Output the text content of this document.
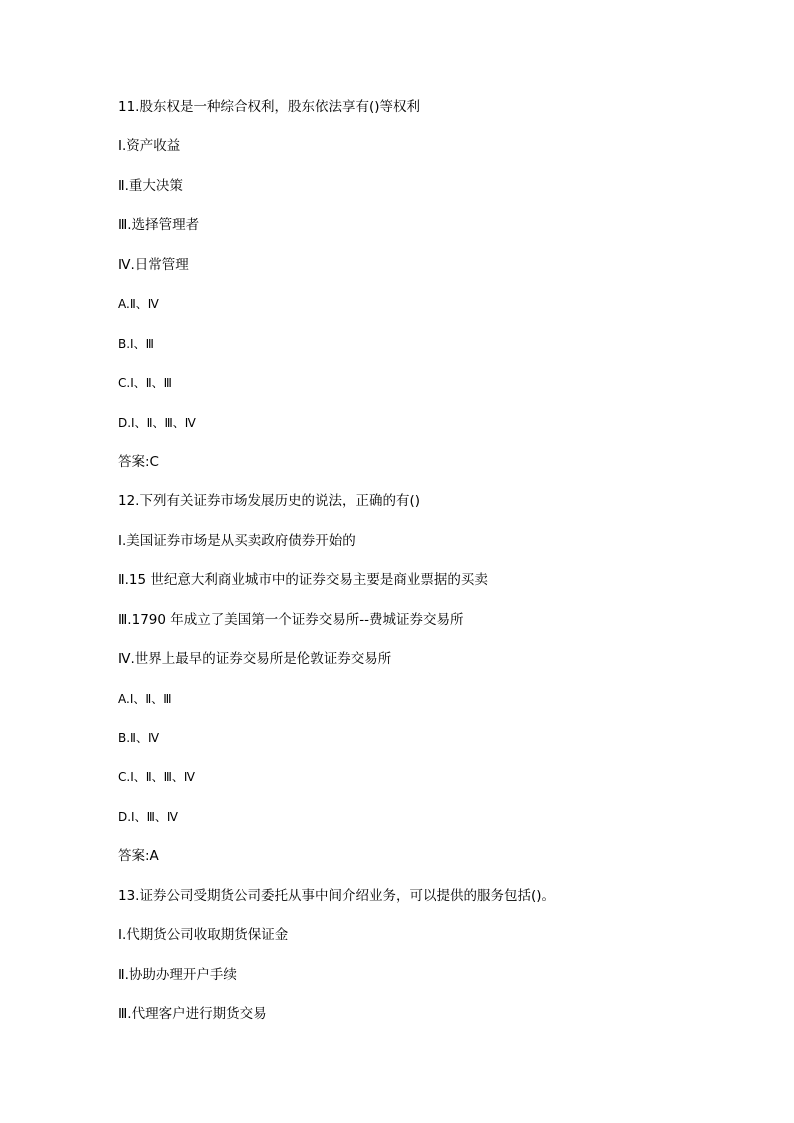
11.股东权是一种综合权利，股东依法享有()等权利
Ⅰ.资产收益
Ⅱ.重大决策
Ⅲ.选择管理者
Ⅳ.日常管理
A.Ⅱ、Ⅳ
B.Ⅰ、Ⅲ
C.Ⅰ、Ⅱ、Ⅲ
D.Ⅰ、Ⅱ、Ⅲ、Ⅳ
答案:C
12.下列有关证券市场发展历史的说法，正确的有()
Ⅰ.美国证券市场是从买卖政府债券开始的
Ⅱ.15 世纪意大利商业城市中的证券交易主要是商业票据的买卖
Ⅲ.1790 年成立了美国第一个证券交易所--费城证券交易所
Ⅳ.世界上最早的证券交易所是伦敦证券交易所
A.Ⅰ、Ⅱ、Ⅲ
B.Ⅱ、Ⅳ
C.Ⅰ、Ⅱ、Ⅲ、Ⅳ
D.Ⅰ、Ⅲ、Ⅳ
答案:A
13.证券公司受期货公司委托从事中间介绍业务，可以提供的服务包括()。
Ⅰ.代期货公司收取期货保证金
Ⅱ.协助办理开户手续
Ⅲ.代理客户进行期货交易
